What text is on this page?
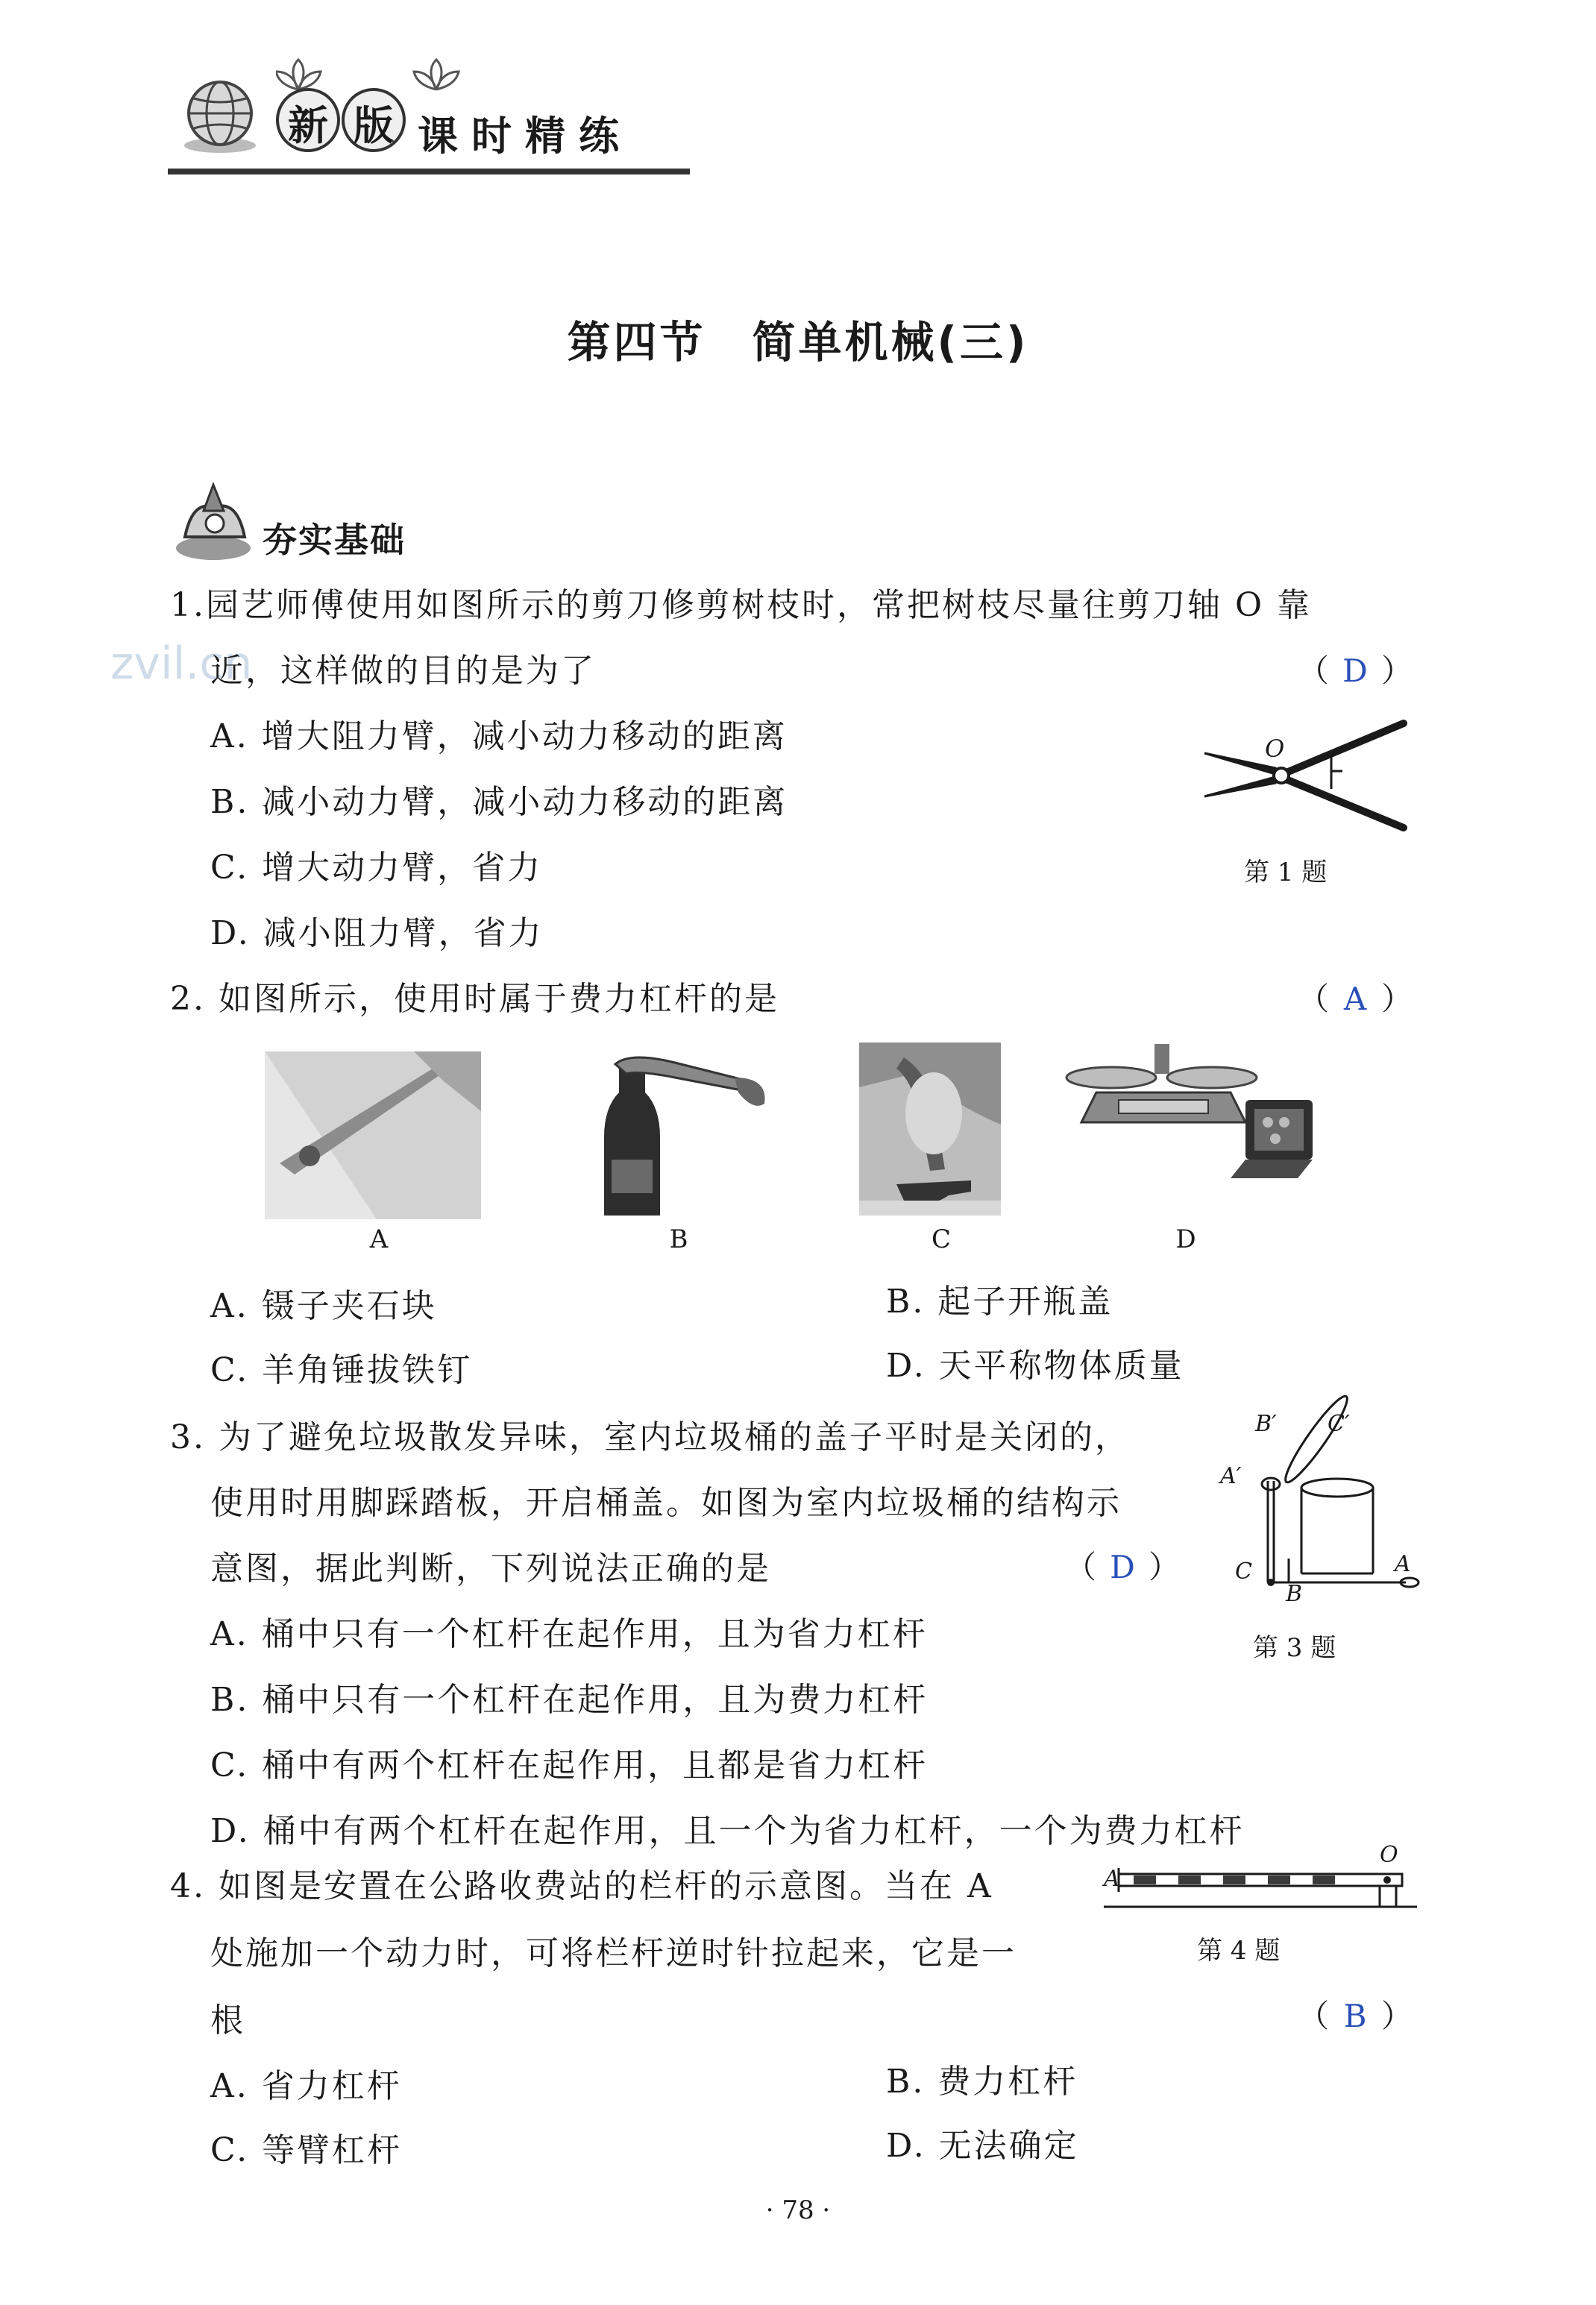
新 版 课时精练
第四节　简单机械(三)
夯实基础
zvil.cn
1.园艺师傅使用如图所示的剪刀修剪树枝时，常把树枝尽量往剪刀轴 O 靠
近，这样做的目的是为了	（ D ）
A. 增大阻力臂，减小动力移动的距离
B. 减小动力臂，减小动力移动的距离
C. 增大动力臂，省力
D. 减小阻力臂，省力
O
第 1 题
2. 如图所示，使用时属于费力杠杆的是	（ A ）
A	B	C	D
A. 镊子夹石块	B. 起子开瓶盖
C. 羊角锤拔铁钉	D. 天平称物体质量
3. 为了避免垃圾散发异味，室内垃圾桶的盖子平时是关闭的，
使用时用脚踩踏板，开启桶盖。如图为室内垃圾桶的结构示
意图，据此判断，下列说法正确的是	（ D ）
A. 桶中只有一个杠杆在起作用，且为省力杠杆
B. 桶中只有一个杠杆在起作用，且为费力杠杆
C. 桶中有两个杠杆在起作用，且都是省力杠杆
D. 桶中有两个杠杆在起作用，且一个为省力杠杆，一个为费力杠杆
B′ C′
A′
C
B
A
第 3 题
4. 如图是安置在公路收费站的栏杆的示意图。当在 A
处施加一个动力时，可将栏杆逆时针拉起来，它是一
根	（ B ）
A. 省力杠杆	B. 费力杠杆
C. 等臂杠杆	D. 无法确定
A
O
第 4 题
· 78 ·
